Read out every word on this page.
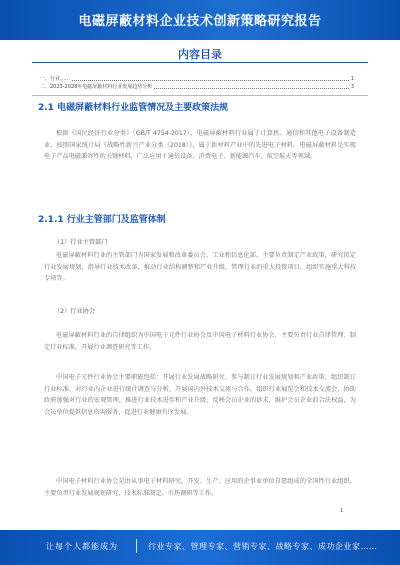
电磁屏蔽材料企业技术创新策略研究报告
内容目录
一、行业……	1
二、2023-2028年电磁屏蔽材料行业发展趋势分析	3
2.1 电磁屏蔽材料行业监管情况及主要政策法规
根据《国民经济行业分类》（GB/T 4754-2017），电磁屏蔽材料行业属于计算机、通信和其他电子设备制造业，按照国家统计局《战略性新兴产业分类（2018）》，属于新材料产业中的先进电子材料。电磁屏蔽材料是实现电子产品电磁兼容性的关键材料，广泛应用于通信设备、消费电子、新能源汽车、航空航天等领域。
2.1.1 行业主管部门及监管体制
（1）行业主管部门
电磁屏蔽材料行业的主管部门为国家发展和改革委员会、工业和信息化部，主要负责制定产业政策，研究拟定行业发展规划，指导行业技术改革，推动行业结构调整和产业升级，管理行业的重大投资项目，组织实施重大科技专项等。
（2）行业协会
电磁屏蔽材料行业的自律组织为中国电子元件行业协会及中国电子材料行业协会，主要负责行业自律管理、制定行业标准、开展行业调查研究等工作。
中国电子元件行业协会主要职能包括：开展行业发展战略研究、参与制订行业发展规划和产业政策，组织制订行业标准，对行业内企业进行统计调查与分析，开展国内外技术交流与合作，组织行业展览会和技术交流会，协助政府加强对行业的宏观管理，推进行业技术进步和产业升级，反映会员企业的诉求，维护会员企业的合法权益，为会员单位提供信息咨询服务，促进行业健康有序发展。
中国电子材料行业协会是由从事电子材料研究、开发、生产、应用的企事业单位自愿组成的全国性行业组织，主要负责行业发展规划研究、技术标准制定、市场调研等工作。
1
让每个人都能成为	行业专家、管理专家、营销专家、战略专家、成功企业家……
